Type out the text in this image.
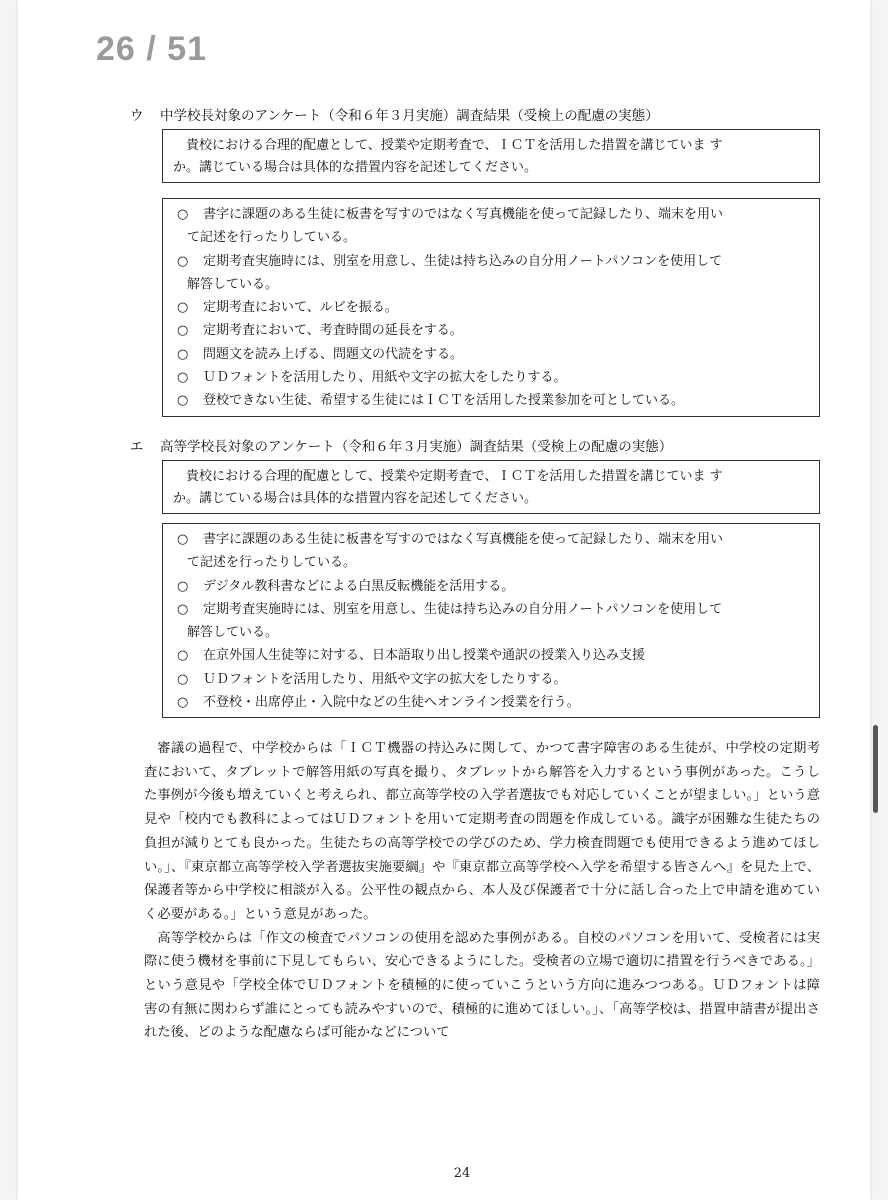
26 / 51
ウ 中学校長対象のアンケート（令和６年３月実施）調査結果（受検上の配慮の実態）
　貴校における合理的配慮として、授業や定期考査で、ＩＣＴを活用した措置を講じていま す
か。講じている場合は具体的な措置内容を記述してください。
○ 書字に課題のある生徒に板書を写すのではなく写真機能を使って記録したり、端末を用い
て記述を行ったりしている。
○ 定期考査実施時には、別室を用意し、生徒は持ち込みの自分用ノートパソコンを使用して
解答している。
○ 定期考査において、ルビを振る。
○ 定期考査において、考査時間の延長をする。
○ 問題文を読み上げる、問題文の代読をする。
○ ＵＤフォントを活用したり、用紙や文字の拡大をしたりする。
○ 登校できない生徒、希望する生徒にはＩＣＴを活用した授業参加を可としている。
エ 高等学校長対象のアンケート（令和６年３月実施）調査結果（受検上の配慮の実態）
　貴校における合理的配慮として、授業や定期考査で、ＩＣＴを活用した措置を講じていま す
か。講じている場合は具体的な措置内容を記述してください。
○ 書字に課題のある生徒に板書を写すのではなく写真機能を使って記録したり、端末を用い
て記述を行ったりしている。
○ デジタル教科書などによる白黒反転機能を活用する。
○ 定期考査実施時には、別室を用意し、生徒は持ち込みの自分用ノートパソコンを使用して
解答している。
○ 在京外国人生徒等に対する、日本語取り出し授業や通訳の授業入り込み支援
○ ＵＤフォントを活用したり、用紙や文字の拡大をしたりする。
○ 不登校・出席停止・入院中などの生徒へオンライン授業を行う。

審議の過程で、中学校からは「ＩＣＴ機器の持込みに関して、かつて書字障害のある生徒が、中学校の定期考査において、タブレットで解答用紙の写真を撮り、タブレットから解答を入力するという事例があった。こうした事例が今後も増えていくと考えられ、都立高等学校の入学者選抜でも対応していくことが望ましい。」という意見や「校内でも教科によってはＵＤフォントを用いて定期考査の問題を作成している。識字が困難な生徒たちの負担が減りとても良かった。生徒たちの高等学校での学びのため、学力検査問題でも使用できるよう進めてほしい。」、『東京都立高等学校入学者選抜実施要綱』や『東京都立高等学校へ入学を希望する皆さんへ』を見た上で、保護者等から中学校に相談が入る。公平性の観点から、本人及び保護者で十分に話し合った上で申請を進めていく必要がある。」という意見があった。

高等学校からは「作文の検査でパソコンの使用を認めた事例がある。自校のパソコンを用いて、受検者には実際に使う機材を事前に下見してもらい、安心できるようにした。受検者の立場で適切に措置を行うべきである。」という意見や「学校全体でＵＤフォントを積極的に使っていこうという方向に進みつつある。ＵＤフォントは障害の有無に関わらず誰にとっても読みやすいので、積極的に進めてほしい。」、「高等学校は、措置申請書が提出された後、どのような配慮ならば可能かなどについて

24
